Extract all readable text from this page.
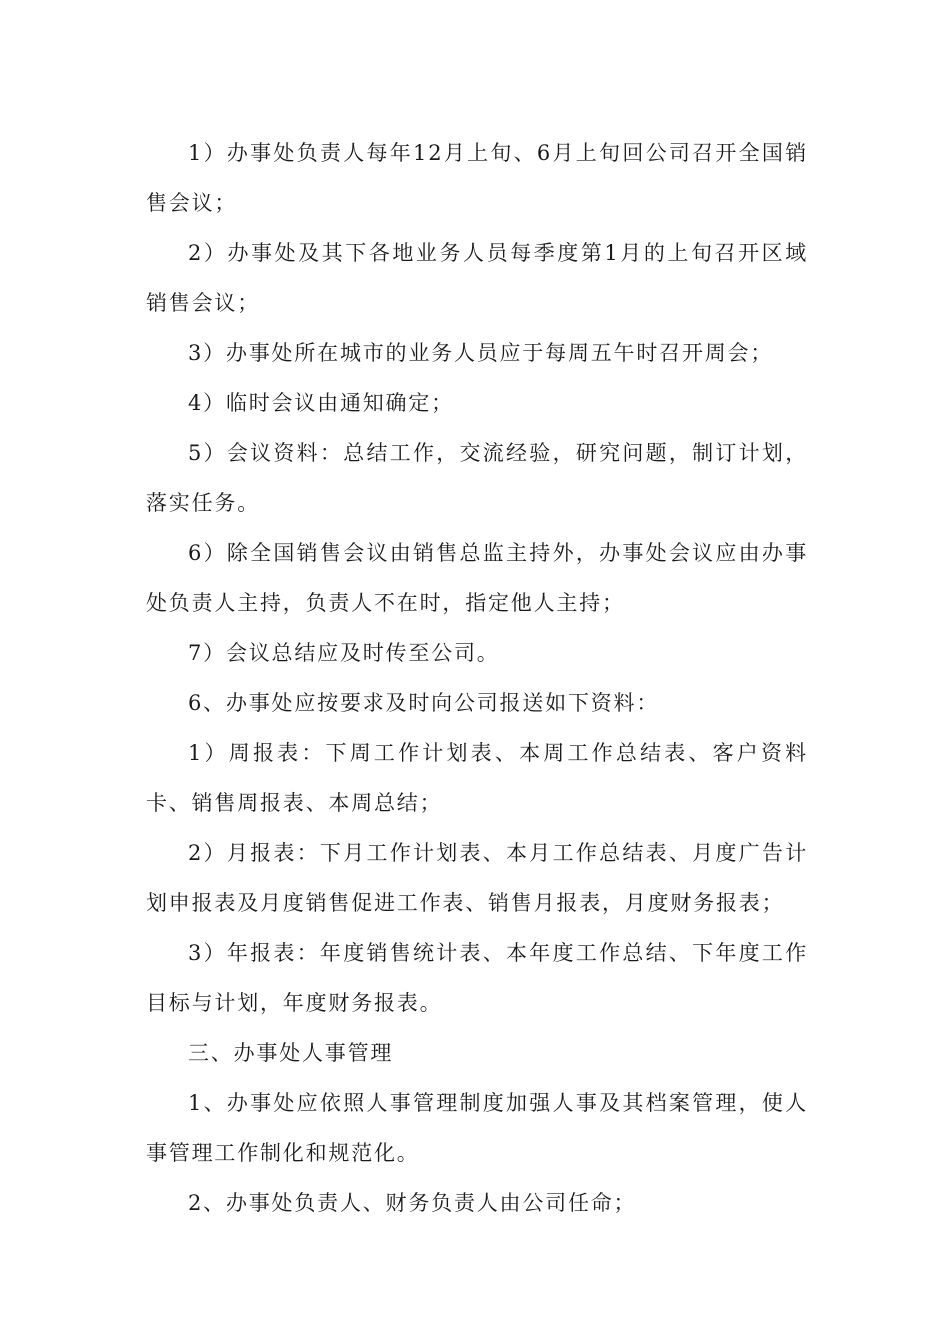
1）办事处负责人每年12月上旬、6月上旬回公司召开全国销售会议；

2）办事处及其下各地业务人员每季度第1月的上旬召开区域销售会议；

3）办事处所在城市的业务人员应于每周五午时召开周会；

4）临时会议由通知确定；

5）会议资料：总结工作，交流经验，研究问题，制订计划，落实任务。

6）除全国销售会议由销售总监主持外，办事处会议应由办事处负责人主持，负责人不在时，指定他人主持；

7）会议总结应及时传至公司。

6、办事处应按要求及时向公司报送如下资料：

1）周报表：下周工作计划表、本周工作总结表、客户资料卡、销售周报表、本周总结；

2）月报表：下月工作计划表、本月工作总结表、月度广告计划申报表及月度销售促进工作表、销售月报表，月度财务报表；

3）年报表：年度销售统计表、本年度工作总结、下年度工作目标与计划，年度财务报表。

三、办事处人事管理

1、办事处应依照人事管理制度加强人事及其档案管理，使人事管理工作制化和规范化。

2、办事处负责人、财务负责人由公司任命；
